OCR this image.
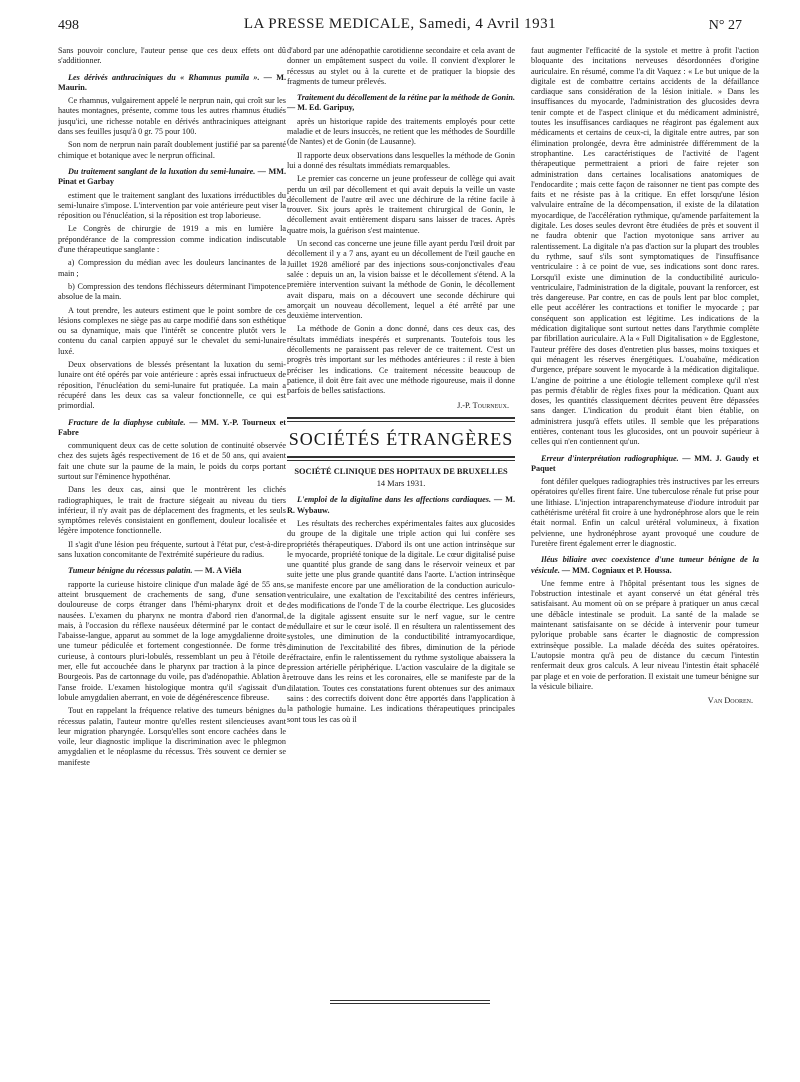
498	LA PRESSE MEDICALE, Samedi, 4 Avril 1931	N° 27

Sans pouvoir conclure, l'auteur pense que ces deux effets ont dû s'additionner.

Les dérivés anthraciniques du « Rhamnus pumila ». — M. Maurin.

Ce rhamnus, vulgairement appelé le nerprun nain, qui croît sur les hautes montagnes, présente, comme tous les autres rhamnus étudiés jusqu'ici, une richesse notable en dérivés anthraciniques atteignant dans ses feuilles jusqu'à 0 gr. 75 pour 100.

Son nom de nerprun nain paraît doublement justifié par sa parenté chimique et botanique avec le nerprun officinal.

Du traitement sanglant de la luxation du semi-lunaire. — MM. Pinat et Garbay

estiment que le traitement sanglant des luxations irréductibles du semi-lunaire s'impose. L'intervention par voie antérieure peut viser la réposition ou l'énucléation, si la réposition est trop laborieuse.

Le Congrès de chirurgie de 1919 a mis en lumière la prépondérance de la compression comme indication indiscutable d'une thérapeutique sanglante :

a) Compression du médian avec les douleurs lancinantes de la main ;

b) Compression des tendons fléchisseurs déterminant l'impotence absolue de la main.

A tout prendre, les auteurs estiment que le point sombre de ces lésions complexes ne siège pas au carpe modifié dans son esthétique ou sa dynamique, mais que l'intérêt se concentre plutôt vers le contenu du canal carpien appuyé sur le chevalet du semi-lunaire luxé.

Deux observations de blessés présentant la luxation du semi-lunaire ont été opérés par voie antérieure : après essai infructueux de réposition, l'énucléation du semi-lunaire fut pratiquée. La main a récupéré dans les deux cas sa valeur fonctionnelle, ce qui est primordial.

Fracture de la diaphyse cubitale. — MM. Y.-P. Tourneux et Fabre

communiquent deux cas de cette solution de continuité observée chez des sujets âgés respectivement de 16 et de 50 ans, qui avaient fait une chute sur la paume de la main, le poids du corps portant surtout sur l'éminence hypothénar.

Dans les deux cas, ainsi que le montrèrent les clichés radiographiques, le trait de fracture siégeait au niveau du tiers inférieur, il n'y avait pas de déplacement des fragments, et les seuls symptômes relevés consistaient en gonflement, douleur localisée et légère impotence fonctionnelle.

Il s'agit d'une lésion peu fréquente, surtout à l'état pur, c'est-à-dire sans luxation concomitante de l'extrémité supérieure du radius.

Tumeur bénigne du récessus palatin. — M. A Viéla

rapporte la curieuse histoire clinique d'un malade âgé de 55 ans, atteint brusquement de crachements de sang, d'une sensation douloureuse de corps étranger dans l'hémi-pharynx droit et de nausées. L'examen du pharynx ne montra d'abord rien d'anormal, mais, à l'occasion du réflexe nauséeux déterminé par le contact de l'abaisse-langue, apparut au sommet de la loge amygdalienne droite une tumeur pédiculée et fortement congestionnée. De forme très curieuse, à contours pluri-lobulés, ressemblant un peu à l'étoile de mer, elle fut accouchée dans le pharynx par traction à la pince de Bourgeois. Pas de cartonnage du voile, pas d'adénopathie. Ablation à l'anse froide. L'examen histologique montra qu'il s'agissait d'un lobule amygdalien aberrant, en voie de dégénérescence fibreuse.

Tout en rappelant la fréquence relative des tumeurs bénignes du récessus palatin, l'auteur montre qu'elles restent silencieuses avant leur migration pharyngée. Lorsqu'elles sont encore cachées dans le voile, leur diagnostic implique la discrimination avec le phlegmon amygdalien et le néoplasme du récessus. Très souvent ce dernier se manifeste

d'abord par une adénopathie carotidienne secondaire et cela avant de donner un empâtement suspect du voile. Il convient d'explorer le récessus au stylet ou à la curette et de pratiquer la biopsie des fragments de tumeur prélevés.

Traitement du décollement de la rétine par la méthode de Gonin. — M. Ed. Garipuy,

après un historique rapide des traitements employés pour cette maladie et de leurs insuccès, ne retient que les méthodes de Sourdille (de Nantes) et de Gonin (de Lausanne).

Il rapporte deux observations dans lesquelles la méthode de Gonin lui a donné des résultats immédiats remarquables.

Le premier cas concerne un jeune professeur de collège qui avait perdu un œil par décollement et qui avait depuis la veille un vaste décollement de l'autre œil avec une déchirure de la rétine facile à trouver. Six jours après le traitement chirurgical de Gonin, le décollement avait entièrement disparu sans laisser de traces. Après quatre mois, la guérison s'est maintenue.

Un second cas concerne une jeune fille ayant perdu l'œil droit par décollement il y a 7 ans, ayant eu un décollement de l'œil gauche en Juillet 1928 amélioré par des injections sous-conjonctivales d'eau salée : depuis un an, la vision baisse et le décollement s'étend. A la première intervention suivant la méthode de Gonin, le décollement avait disparu, mais on a découvert une seconde déchirure qui amorçait un nouveau décollement, lequel a été arrêté par une deuxième intervention.

La méthode de Gonin a donc donné, dans ces deux cas, des résultats immédiats inespérés et surprenants. Toutefois tous les décollements ne paraissent pas relever de ce traitement. C'est un progrès très important sur les méthodes antérieures : il reste à bien préciser les indications. Ce traitement nécessite beaucoup de patience, il doit être fait avec une méthode rigoureuse, mais il donne parfois de belles satisfactions.

J.-P. Tourneux.
SOCIÉTÉS ÉTRANGÈRES
SOCIÉTÉ CLINIQUE DES HOPITAUX DE BRUXELLES
14 Mars 1931.

L'emploi de la digitaline dans les affections cardiaques. — M. R. Wybauw.

Les résultats des recherches expérimentales faites aux glucosides du groupe de la digitale une triple action qui lui confère ses propriétés thérapeutiques. D'abord ils ont une action intrinsèque sur le myocarde, propriété tonique de la digitale. Le cœur digitalisé puise une quantité plus grande de sang dans le réservoir veineux et par suite jette une plus grande quantité dans l'aorte. L'action intrinsèque se manifeste encore par une amélioration de la conduction auriculo-ventriculaire, une exaltation de l'excitabilité des centres inférieurs, des modifications de l'onde T de la courbe électrique. Les glucosides de la digitale agissent ensuite sur le nerf vague, sur le centre médullaire et sur le cœur isolé. Il en résultera un ralentissement des systoles, une diminution de la conductibilité intramyocardique, diminution de l'excitabilité des fibres, diminution de la période réfractaire, enfin le ralentissement du rythme systolique abaissera la pression artérielle périphérique. L'action vasculaire de la digitale se retrouve dans les reins et les coronaires, elle se manifeste par de la dilatation. Toutes ces constatations furent obtenues sur des animaux sains : des correctifs doivent donc être apportés dans l'application à la pathologie humaine. Les indications thérapeutiques principales sont tous les cas où il

faut augmenter l'efficacité de la systole et mettre à profit l'action bloquante des incitations nerveuses désordonnées d'origine auriculaire. En résumé, comme l'a dit Vaquez : « Le but unique de la digitale est de combattre certains accidents de la défaillance cardiaque sans considération de la lésion initiale. » Dans les insuffisances du myocarde, l'administration des glucosides devra tenir compte et de l'aspect clinique et du médicament administré, toutes les insuffisances cardiaques ne réagiront pas également aux médicaments et certains de ceux-ci, la digitale entre autres, par son élimination prolongée, devra être administrée différemment de la strophantine. Les caractéristiques de l'activité de l'agent thérapeutique permettraient a priori de faire rejeter son administration dans certaines localisations anatomiques de l'endocardite ; mais cette façon de raisonner ne tient pas compte des faits et ne résiste pas à la critique. En effet lorsqu'une lésion valvulaire entraîne de la décompensation, il existe de la dilatation myocardique, de l'accélération rythmique, qu'amende parfaitement la digitale. Les doses seules devront être étudiées de près et souvent il ne faudra obtenir que l'action myotonique sans arriver au ralentissement. La digitale n'a pas d'action sur la plupart des troubles du rythme, sauf s'ils sont symptomatiques de l'insuffisance ventriculaire : à ce point de vue, ses indications sont donc rares. Lorsqu'il existe une diminution de la conductibilité auriculo-ventriculaire, l'administration de la digitale, pouvant la renforcer, est très dangereuse. Par contre, en cas de pouls lent par bloc complet, elle peut accélérer les contractions et tonifier le myocarde ; par conséquent son application est légitime. Les indications de la médication digitalique sont surtout nettes dans l'arythmie complète par fibrillation auriculaire. A la « Full Digitalisation » de Egglestone, l'auteur préfère des doses d'entretien plus basses, moins toxiques et qui ménagent les réserves énergétiques. L'ouabaïne, médication d'urgence, prépare souvent le myocarde à la médication digitalique. L'angine de poitrine a une étiologie tellement complexe qu'il n'est pas permis d'établir de règles fixes pour la médication. Quant aux doses, les quantités classiquement décrites peuvent être dépassées sans danger. L'indication du produit étant bien établie, on administrera jusqu'à effets utiles. Il semble que les préparations entières, contenant tous les glucosides, ont un pouvoir supérieur à celles qui n'en contiennent qu'un.

Erreur d'interprétation radiographique. — MM. J. Gaudy et Paquet

font défiler quelques radiographies très instructives par les erreurs opératoires qu'elles firent faire. Une tuberculose rénale fut prise pour une lithiase. L'injection intraparenchymateuse d'iodure introduit par cathétérisme urétéral fit croire à une hydronéphrose alors que le rein était normal. Enfin un calcul urétéral volumineux, à fixation pelvienne, une hydronéphrose ayant provoqué une coudure de l'uretère firent également errer le diagnostic.

Iléus biliaire avec coexistence d'une tumeur bénigne de la vésicule. — MM. Cogniaux et P. Houssa.

Une femme entre à l'hôpital présentant tous les signes de l'obstruction intestinale et ayant conservé un état général très satisfaisant. Au moment où on se prépare à pratiquer un anus cæcal une débâcle intestinale se produit. La santé de la malade se maintenant satisfaisante on se décide à intervenir pour tumeur pylorique probable sans écarter le diagnostic de compression extrinsèque possible. La malade décéda des suites opératoires. L'autopsie montra qu'à peu de distance du cæcum l'intestin renfermait deux gros calculs. A leur niveau l'intestin était sphacélé par plage et en voie de perforation. Il existait une tumeur bénigne sur la vésicule biliaire.

Van Dooren.
